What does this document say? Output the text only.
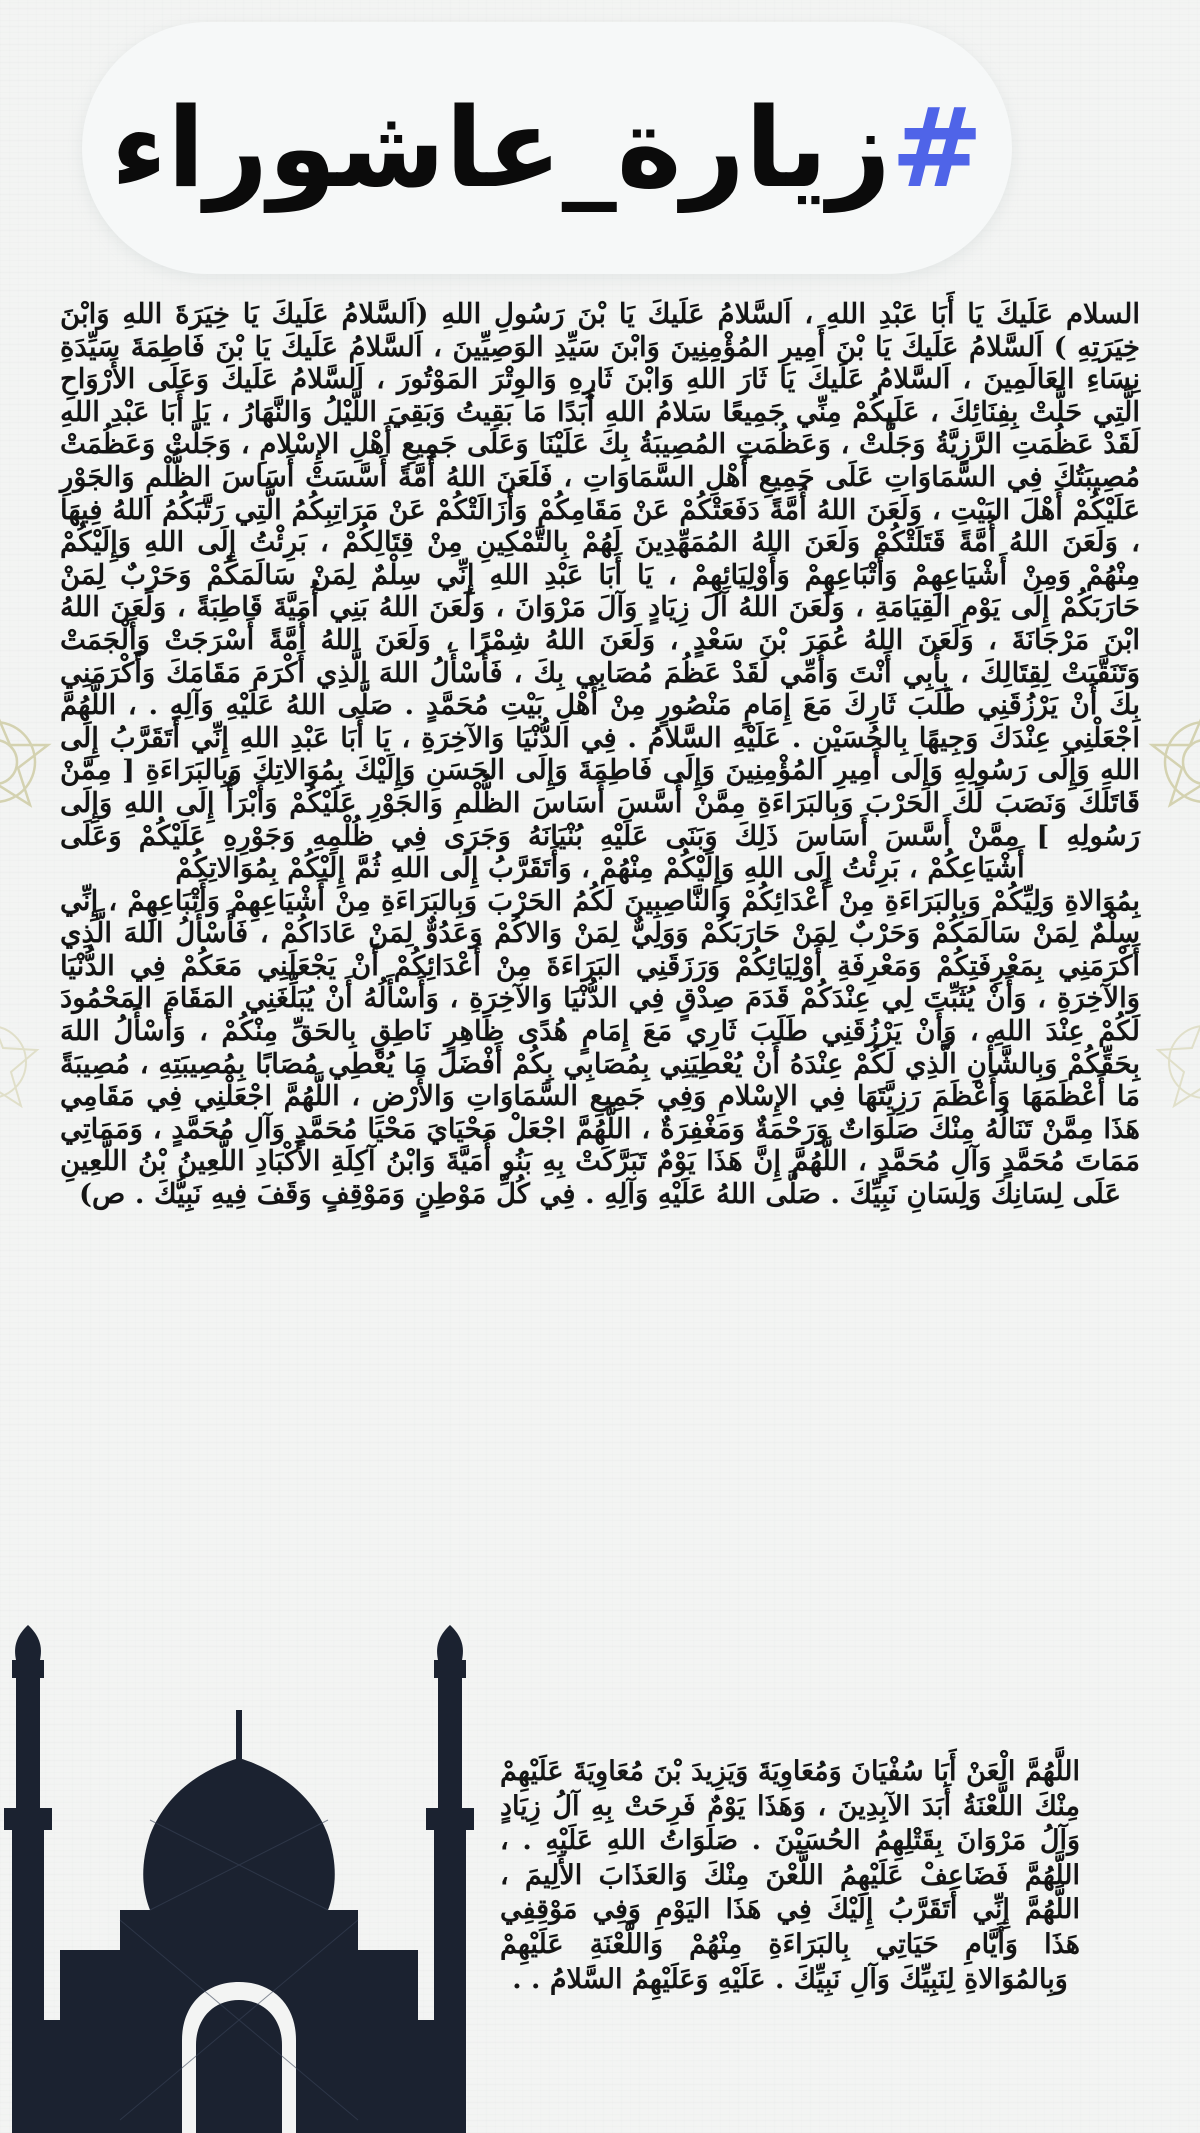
#زيارة_عاشوراء

السلام عَلَيكَ يَا أَبَا عَبْدِ اللهِ ، اَلسَّلامُ عَلَيكَ يَا بْنَ رَسُولِ اللهِ (اَلسَّلامُ عَلَيكَ يَا خِيَرَةَ اللهِ وَابْنَ خِيَرَتِهِ ) اَلسَّلامُ عَلَيكَ يَا بْنَ أَمِيرِ المُؤْمِنِينَ وَابْنَ سَيِّدِ الوَصِيِّينَ ، اَلسَّلامُ عَلَيكَ يَا بْنَ فَاطِمَةَ سَيِّدَةِ نِسَاءِ العَالَمِينَ ، اَلسَّلامُ عَلَيكَ يَا ثَارَ اللهِ وَابْنَ ثَارِهِ وَالوِتْرَ المَوْتُورَ ، اَلسَّلامُ عَلَيكَ وَعَلَى الأَرْوَاحِ الَّتِي حَلَّتْ بِفِنَائِكَ ، عَلَيكُمْ مِنِّي جَمِيعًا سَلامُ اللهِ أَبَدًا مَا بَقِيتُ وَبَقِيَ اللَّيْلُ وَالنَّهَارُ ، يَا أَبَا عَبْدِ اللهِ لَقَدْ عَظُمَتِ الرَّزِيَّةُ وَجَلَّتْ ، وَعَظُمَتِ المُصِيبَةُ بِكَ عَلَيْنَا وَعَلَى جَمِيعِ أَهْلِ الإِسْلامِ ، وَجَلَّتْ وَعَظُمَتْ مُصِيبَتُكَ فِي السَّمَاوَاتِ عَلَى جَمِيعِ أَهْلِ السَّمَاوَاتِ ، فَلَعَنَ اللهُ أُمَّةً أَسَّسَتْ أَسَاسَ الظُّلْمِ وَالجَوْرِ عَلَيْكُمْ أَهْلَ البَيْتِ ، وَلَعَنَ اللهُ أُمَّةً دَفَعَتْكُمْ عَنْ مَقَامِكُمْ وَأَزَالَتْكُمْ عَنْ مَرَاتِبِكُمُ الَّتِي رَتَّبَكُمُ اللهُ فِيهَا ، وَلَعَنَ اللهُ أُمَّةً قَتَلَتْكُمْ وَلَعَنَ اللهُ المُمَهِّدِينَ لَهُمْ بِالتَّمْكِينِ مِنْ قِتَالِكُمْ ، بَرِئْتُ إِلَى اللهِ وَإِلَيْكُمْ مِنْهُمْ وَمِنْ أَشْيَاعِهِمْ وَأَتْبَاعِهِمْ وَأَوْلِيَائِهِمْ ، يَا أَبَا عَبْدِ اللهِ إِنِّي سِلْمٌ لِمَنْ سَالَمَكُمْ وَحَرْبٌ لِمَنْ حَارَبَكُمْ إِلَى يَوْمِ القِيَامَةِ ، وَلَعَنَ اللهُ آلَ زِيَادٍ وَآلَ مَرْوَانَ ، وَلَعَنَ اللهُ بَنِي أُمَيَّةَ قَاطِبَةً ، وَلَعَنَ اللهُ ابْنَ مَرْجَانَةَ ، وَلَعَنَ اللهُ عُمَرَ بْنَ سَعْدٍ ، وَلَعَنَ اللهُ شِمْرًا ، وَلَعَنَ اللهُ أُمَّةً أَسْرَجَتْ وَأَلْجَمَتْ وَتَنَقَّبَتْ لِقِتَالِكَ ، بِأَبِي أَنْتَ وَأُمِّي لَقَدْ عَظُمَ مُصَابِي بِكَ ، فَأَسْأَلُ اللهَ الَّذِي أَكْرَمَ مَقَامَكَ وَأَكْرَمَنِي بِكَ أَنْ يَرْزُقَنِي طَلَبَ ثَارِكَ مَعَ إِمَامٍ مَنْصُورٍ مِنْ أَهْلِ بَيْتِ مُحَمَّدٍ . صَلَّى اللهُ عَلَيْهِ وَآلِهِ . ، اللَّهُمَّ اجْعَلْنِي عِنْدَكَ وَجِيهًا بِالحُسَيْنِ . عَلَيْهِ السَّلامُ . فِي الدُّنْيَا وَالآخِرَةِ ، يَا أَبَا عَبْدِ اللهِ إِنِّي أَتَقَرَّبُ إِلَى اللهِ وَإِلَى رَسُولِهِ وَإِلَى أَمِيرِ المُؤْمِنِينَ وَإِلَى فَاطِمَةَ وَإِلَى الحَسَنِ وَإِلَيْكَ بِمُوَالاتِكَ وَبِالبَرَاءَةِ [ مِمَّنْ قَاتَلَكَ وَنَصَبَ لَكَ الحَرْبَ وَبِالبَرَاءَةِ مِمَّنْ أَسَّسَ أَسَاسَ الظُّلْمِ وَالجَوْرِ عَلَيْكُمْ وَأَبْرَأُ إِلَى اللهِ وَإِلَى رَسُولِهِ ] مِمَّنْ أَسَّسَ أَسَاسَ ذَلِكَ وَبَنَى عَلَيْهِ بُنْيَانَهُ وَجَرَى فِي ظُلْمِهِ وَجَوْرِهِ عَلَيْكُمْ وَعَلَى أَشْيَاعِكُمْ ، بَرِئْتُ إِلَى اللهِ وَإِلَيْكُمْ مِنْهُمْ ، وَأَتَقَرَّبُ إِلَى اللهِ ثُمَّ إِلَيْكُمْ بِمُوَالاتِكُمْ

بِمُوَالاةِ وَلِيِّكُمْ وَبِالبَرَاءَةِ مِنْ أَعْدَائِكُمْ وَالنَّاصِبِينَ لَكُمُ الحَرْبَ وَبِالبَرَاءَةِ مِنْ أَشْيَاعِهِمْ وَأَتْبَاعِهِمْ ، إِنِّي سِلْمٌ لِمَنْ سَالَمَكُمْ وَحَرْبٌ لِمَنْ حَارَبَكُمْ وَوَلِيٌّ لِمَنْ وَالاكُمْ وَعَدُوٌّ لِمَنْ عَادَاكُمْ ، فَأَسْأَلُ اللهَ الَّذِي أَكْرَمَنِي بِمَعْرِفَتِكُمْ وَمَعْرِفَةِ أَوْلِيَائِكُمْ وَرَزَقَنِي البَرَاءَةَ مِنْ أَعْدَائِكُمْ أَنْ يَجْعَلَنِي مَعَكُمْ فِي الدُّنْيَا وَالآخِرَةِ ، وَأَنْ يُثَبِّتَ لِي عِنْدَكُمْ قَدَمَ صِدْقٍ فِي الدُّنْيَا وَالآخِرَةِ ، وَأَسْأَلُهُ أَنْ يُبَلِّغَنِي المَقَامَ المَحْمُودَ لَكُمْ عِنْدَ اللهِ ، وَأَنْ يَرْزُقَنِي طَلَبَ ثَارِي مَعَ إِمَامٍ هُدًى ظَاهِرٍ نَاطِقٍ بِالحَقِّ مِنْكُمْ ، وَأَسْأَلُ اللهَ بِحَقِّكُمْ وَبِالشَّأْنِ الَّذِي لَكُمْ عِنْدَهُ أَنْ يُعْطِيَنِي بِمُصَابِي بِكُمْ أَفْضَلَ مَا يُعْطِي مُصَابًا بِمُصِيبَتِهِ ، مُصِيبَةً مَا أَعْظَمَهَا وَأَعْظَمَ رَزِيَّتَهَا فِي الإِسْلامِ وَفِي جَمِيعِ السَّمَاوَاتِ وَالأَرْضِ ، اللَّهُمَّ اجْعَلْنِي فِي مَقَامِي هَذَا مِمَّنْ تَنَالُهُ مِنْكَ صَلَوَاتٌ وَرَحْمَةٌ وَمَغْفِرَةٌ ، اللَّهُمَّ اجْعَلْ مَحْيَايَ مَحْيَا مُحَمَّدٍ وَآلِ مُحَمَّدٍ ، وَمَمَاتِي مَمَاتَ مُحَمَّدٍ وَآلِ مُحَمَّدٍ ، اللَّهُمَّ إِنَّ هَذَا يَوْمٌ تَبَرَّكَتْ بِهِ بَنُو أُمَيَّةَ وَابْنُ آكِلَةِ الأَكْبَادِ اللَّعِينُ بْنُ اللَّعِينِ عَلَى لِسَانِكَ وَلِسَانِ نَبِيِّكَ . صَلَّى اللهُ عَلَيْهِ وَآلِهِ . فِي كُلِّ مَوْطِنٍ وَمَوْقِفٍ وَقَفَ فِيهِ نَبِيُّكَ . ص)

اللَّهُمَّ الْعَنْ أَبَا سُفْيَانَ وَمُعَاوِيَةَ وَيَزِيدَ بْنَ مُعَاوِيَةَ عَلَيْهِمْ مِنْكَ اللَّعْنَةُ أَبَدَ الآبِدِينَ ، وَهَذَا يَوْمٌ فَرِحَتْ بِهِ آلُ زِيَادٍ وَآلُ مَرْوَانَ بِقَتْلِهِمُ الحُسَيْنَ . صَلَوَاتُ اللهِ عَلَيْهِ . ، اللَّهُمَّ فَضَاعِفْ عَلَيْهِمُ اللَّعْنَ مِنْكَ وَالعَذَابَ الأَلِيمَ ، اللَّهُمَّ إِنِّي أَتَقَرَّبُ إِلَيْكَ فِي هَذَا اليَوْمِ وَفِي مَوْقِفِي هَذَا وَأَيَّامِ حَيَاتِي بِالبَرَاءَةِ مِنْهُمْ وَاللَّعْنَةِ عَلَيْهِمْ وَبِالمُوَالاةِ لِنَبِيِّكَ وَآلِ نَبِيِّكَ . عَلَيْهِ وَعَلَيْهِمُ السَّلامُ . .
